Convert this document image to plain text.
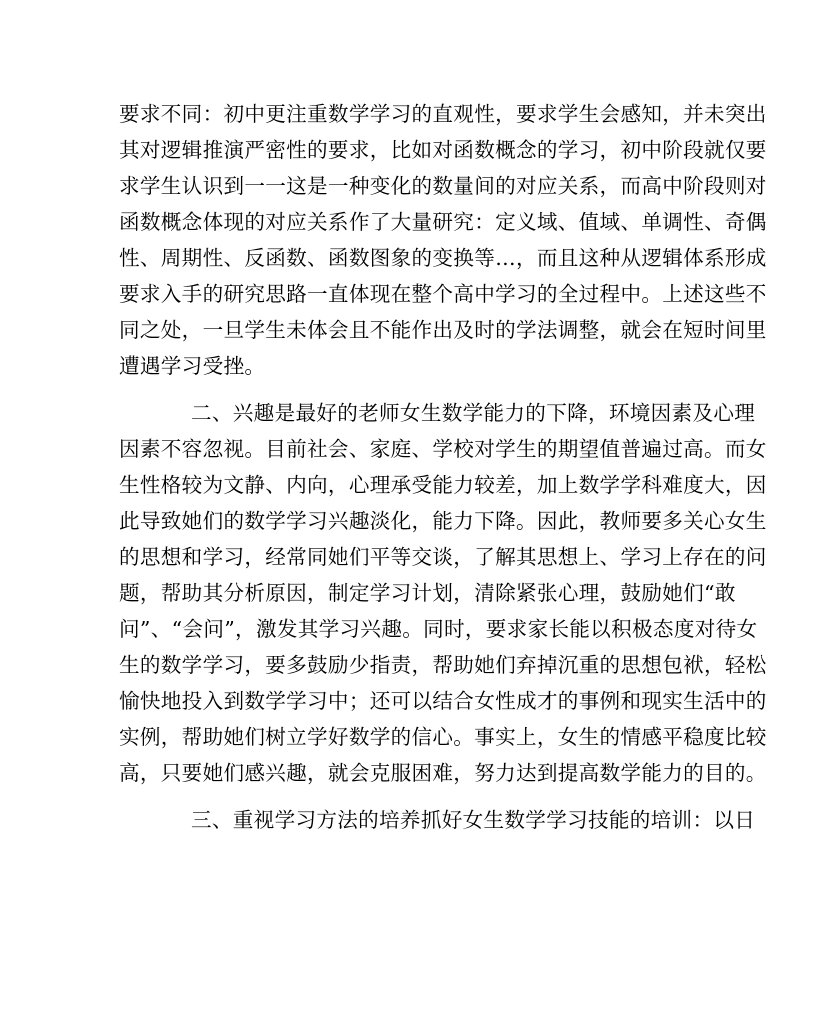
要求不同：初中更注重数学学习的直观性，要求学生会感知，并未突出
其对逻辑推演严密性的要求，比如对函数概念的学习，初中阶段就仅要
求学生认识到一一这是一种变化的数量间的对应关系，而高中阶段则对
函数概念体现的对应关系作了大量研究：定义域、值域、单调性、奇偶
性、周期性、反函数、函数图象的变换等…，而且这种从逻辑体系形成
要求入手的研究思路一直体现在整个高中学习的全过程中。上述这些不
同之处，一旦学生未体会且不能作出及时的学法调整，就会在短时间里
遭遇学习受挫。
二、兴趣是最好的老师女生数学能力的下降，环境因素及心理
因素不容忽视。目前社会、家庭、学校对学生的期望值普遍过高。而女
生性格较为文静、内向，心理承受能力较差，加上数学学科难度大，因
此导致她们的数学学习兴趣淡化，能力下降。因此，教师要多关心女生
的思想和学习，经常同她们平等交谈，了解其思想上、学习上存在的问
题，帮助其分析原因，制定学习计划，清除紧张心理，鼓励她们“敢
问”、“会问”，激发其学习兴趣。同时，要求家长能以积极态度对待女
生的数学学习，要多鼓励少指责，帮助她们弃掉沉重的思想包袱，轻松
愉快地投入到数学学习中；还可以结合女性成才的事例和现实生活中的
实例，帮助她们树立学好数学的信心。事实上，女生的情感平稳度比较
高，只要她们感兴趣，就会克服困难，努力达到提高数学能力的目的。
三、重视学习方法的培养抓好女生数学学习技能的培训：以日
